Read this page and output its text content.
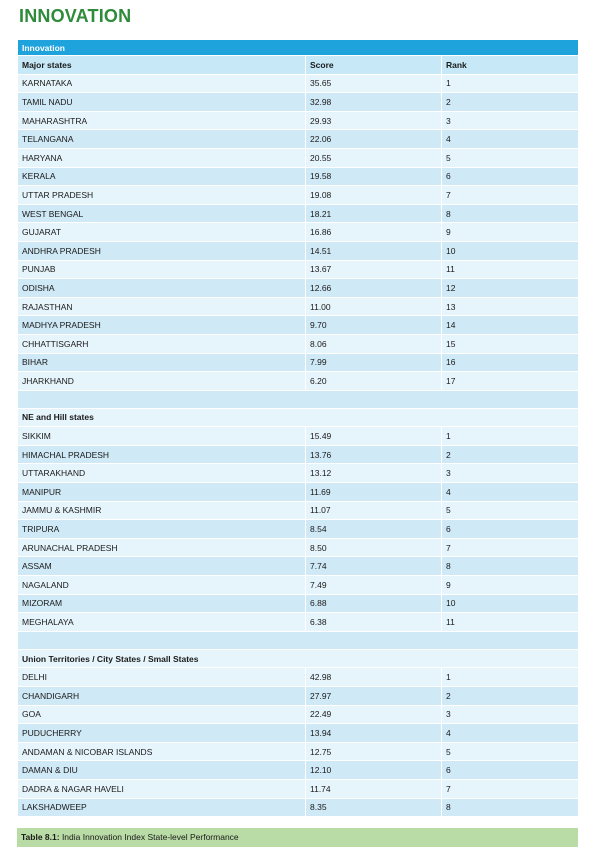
INNOVATION
Innovation		
Major states	Score	Rank
KARNATAKA	35.65	1
TAMIL NADU	32.98	2
MAHARASHTRA	29.93	3
TELANGANA	22.06	4
HARYANA	20.55	5
KERALA	19.58	6
UTTAR PRADESH	19.08	7
WEST BENGAL	18.21	8
GUJARAT	16.86	9
ANDHRA PRADESH	14.51	10
PUNJAB	13.67	11
ODISHA	12.66	12
RAJASTHAN	11.00	13
MADHYA PRADESH	9.70	14
CHHATTISGARH	8.06	15
BIHAR	7.99	16
JHARKHAND	6.20	17

NE and Hill states		
SIKKIM	15.49	1
HIMACHAL PRADESH	13.76	2
UTTARAKHAND	13.12	3
MANIPUR	11.69	4
JAMMU & KASHMIR	11.07	5
TRIPURA	8.54	6
ARUNACHAL PRADESH	8.50	7
ASSAM	7.74	8
NAGALAND	7.49	9
MIZORAM	6.88	10
MEGHALAYA	6.38	11

Union Territories / City States / Small States		
DELHI	42.98	1
CHANDIGARH	27.97	2
GOA	22.49	3
PUDUCHERRY	13.94	4
ANDAMAN & NICOBAR ISLANDS	12.75	5
DAMAN & DIU	12.10	6
DADRA & NAGAR HAVELI	11.74	7
LAKSHADWEEP	8.35	8
Table 8.1: India Innovation Index State-level Performance
